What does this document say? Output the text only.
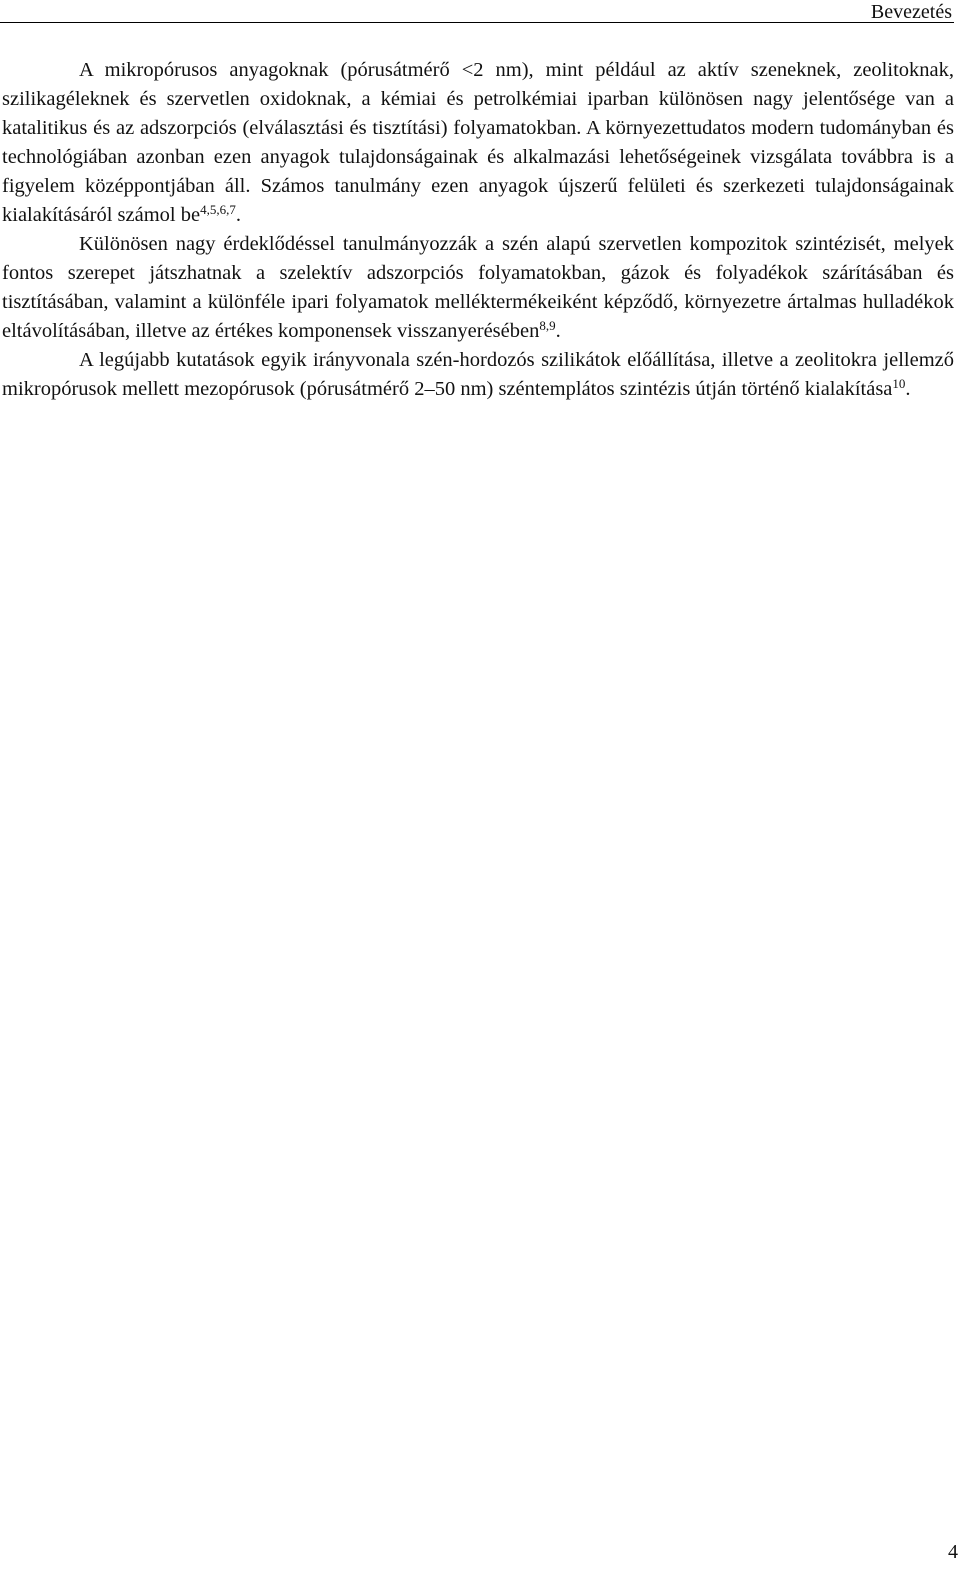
Bevezetés

A mikropórusos anyagoknak (pórusátmérő <2 nm), mint például az aktív szeneknek, zeolitoknak, szilikagéleknek és szervetlen oxidoknak, a kémiai és petrolkémiai iparban különösen nagy jelentősége van a katalitikus és az adszorpciós (elválasztási és tisztítási) folyamatokban. A környezettudatos modern tudományban és technológiában azonban ezen anyagok tulajdonságainak és alkalmazási lehetőségeinek vizsgálata továbbra is a figyelem középpontjában áll. Számos tanulmány ezen anyagok újszerű felületi és szerkezeti tulajdonságainak kialakításáról számol be$^{4,5,6,7}$.

Különösen nagy érdeklődéssel tanulmányozzák a szén alapú szervetlen kompozitok szintézisét, melyek fontos szerepet játszhatnak a szelektív adszorpciós folyamatokban, gázok és folyadékok szárításában és tisztításában, valamint a különféle ipari folyamatok melléktermékeiként képződő, környezetre ártalmas hulladékok eltávolításában, illetve az értékes komponensek visszanyerésében$^{8,9}$.

A legújabb kutatások egyik irányvonala szén-hordozós szilikátok előállítása, illetve a zeolitokra jellemző mikropórusok mellett mezopórusok (pórusátmérő 2–50 nm) széntemplátos szintézis útján történő kialakítása$^{10}$.

4
